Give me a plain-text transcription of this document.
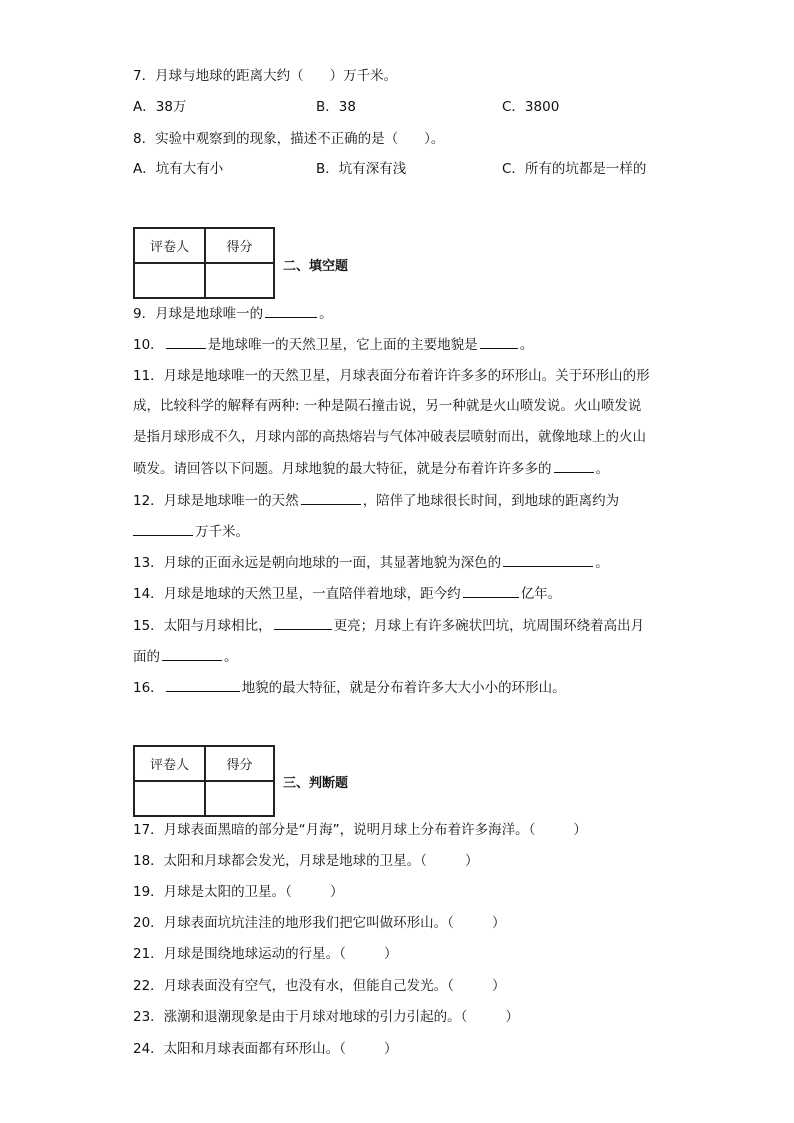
7．月球与地球的距离大约（ ）万千米。
A．38万	B．38	C．3800
8．实验中观察到的现象，描述不正确的是（ ）。
A．坑有大有小	B．坑有深有浅	C．所有的坑都是一样的
评卷人	得分

二、填空题
9．月球是地球唯一的	。
10．	是地球唯一的天然卫星，它上面的主要地貌是	。
11．月球是地球唯一的天然卫星，月球表面分布着许许多多的环形山。关于环形山的形
成，比较科学的解释有两种: 一种是陨石撞击说，另一种就是火山喷发说。火山喷发说
是指月球形成不久，月球内部的高热熔岩与气体冲破表层喷射而出，就像地球上的火山
喷发。请回答以下问题。月球地貌的最大特征，就是分布着许许多多的	。
12．月球是地球唯一的天然	，陪伴了地球很长时间，到地球的距离约为
万千米。
13．月球的正面永远是朝向地球的一面，其显著地貌为深色的	。
14．月球是地球的天然卫星，一直陪伴着地球，距今约	亿年。
15．太阳与月球相比，	更亮；月球上有许多碗状凹坑，坑周围环绕着高出月
面的	。
16．	地貌的最大特征，就是分布着许多大大小小的环形山。
评卷人	得分

三、判断题
17．月球表面黑暗的部分是“月海”，说明月球上分布着许多海洋。（	）
18．太阳和月球都会发光，月球是地球的卫星。（	）
19．月球是太阳的卫星。（	）
20．月球表面坑坑洼洼的地形我们把它叫做环形山。（	）
21．月球是围绕地球运动的行星。（	）
22．月球表面没有空气，也没有水，但能自己发光。（	）
23．涨潮和退潮现象是由于月球对地球的引力引起的。（	）
24．太阳和月球表面都有环形山。（	）
